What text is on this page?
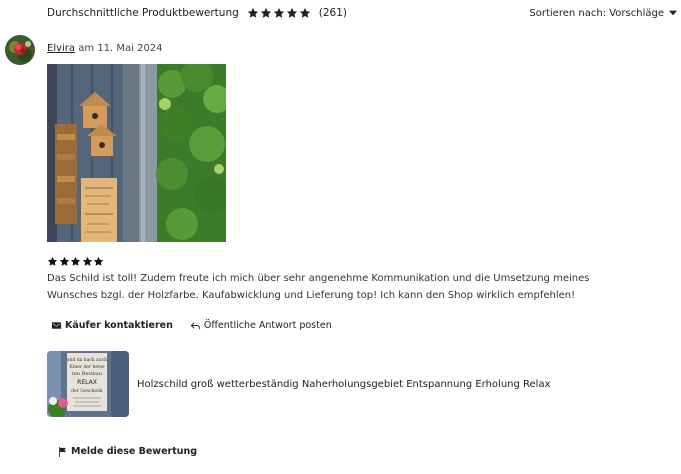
Durchschnittliche Produktbewertung	(261)	Sortieren nach: Vorschläge
Elvira am 11. Mai 2024

Das Schild ist toll! Zudem freute ich mich über sehr angenehme Kommunikation und die Umsetzung meines Wunsches bzgl. der Holzfarbe. Kaufabwicklung und Lieferung top! Ich kann den Shop wirklich empfehlen!

Käufer kontaktieren	Öffentliche Antwort posten
and da back auch
Einer der heise
ten Bestkau
RELAX
der Geschenk
Holzschild groß wetterbeständig Naherholungsgebiet Entspannung Erholung Relax
Melde diese Bewertung
